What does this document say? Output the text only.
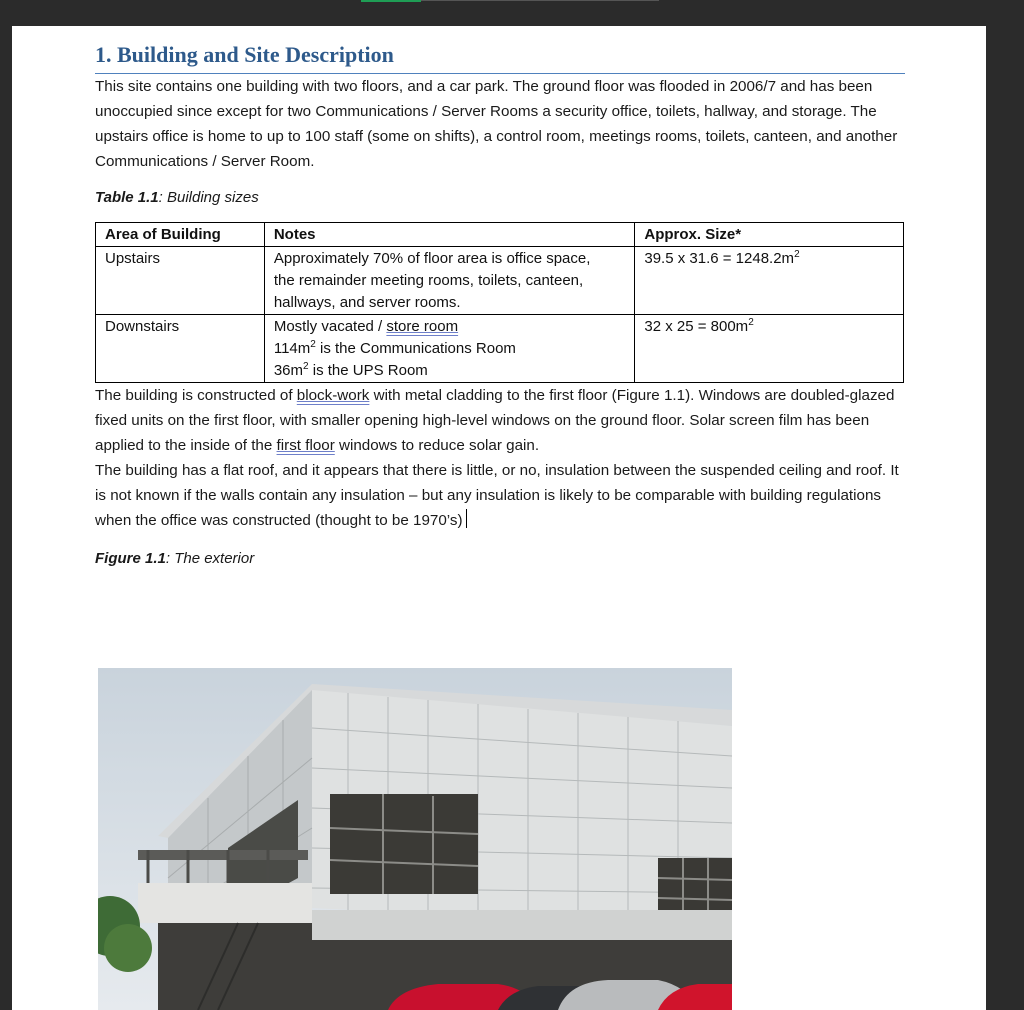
1. Building and Site Description

This site contains one building with two floors, and a car park. The ground floor was flooded in 2006/7 and has been unoccupied since except for two Communications / Server Rooms a security office, toilets, hallway, and storage. The upstairs office is home to up to 100 staff (some on shifts), a control room, meetings rooms, toilets, canteen, and another Communications / Server Room.

Table 1.1: Building sizes
Area of Building	Notes	Approx. Size*
Upstairs	Approximately 70% of floor area is office space,
the remainder meeting rooms, toilets, canteen,
hallways, and server rooms.	39.5 x $31.6 = 1248.2m^2$
Downstairs	Mostly vacated / store room
$114m^2$ is the Communications Room
$36m^2$ is the UPS Room	32 x $25 = 800m^2$

The building is constructed of block-work with metal cladding to the first floor (Figure 1.1). Windows are doubled-glazed fixed units on the first floor, with smaller opening high-level windows on the ground floor. Solar screen film has been applied to the inside of the first floor windows to reduce solar gain.

The building has a flat roof, and it appears that there is little, or no, insulation between the suspended ceiling and roof. It is not known if the walls contain any insulation – but any insulation is likely to be comparable with building regulations when the office was constructed (thought to be 1970’s)

Figure 1.1: The exterior
